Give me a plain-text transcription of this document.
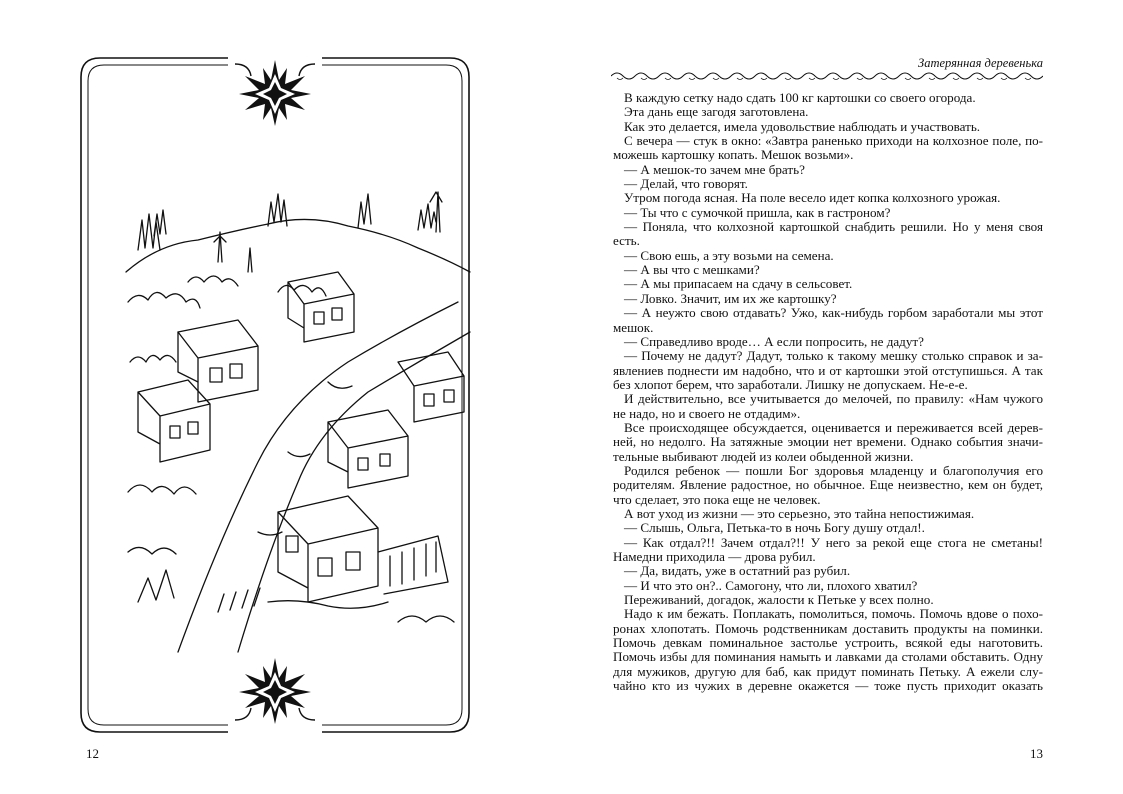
12
Затерянная деревенька

В каждую сетку надо сдать 100 кг картошки со своего огорода.

Эта дань еще загодя заготовлена.

Как это делается, имела удовольствие наблюдать и участвовать.

С вечера — стук в окно: «Завтра раненько приходи на колхозное поле, поможешь картошку копать. Мешок возьми».

— А мешок-то зачем мне брать?

— Делай, что говорят.

Утром погода ясная. На поле весело идет копка колхозного урожая.

— Ты что с сумочкой пришла, как в гастроном?

— Поняла, что колхозной картошкой снабдить решили. Но у меня своя есть.

— Свою ешь, а эту возьми на семена.

— А вы что с мешками?

— А мы припасаем на сдачу в сельсовет.

— Ловко. Значит, им их же картошку?

— А неужто свою отдавать? Ужо, как-нибудь горбом заработали мы этот мешок.

— Справедливо вроде… А если попросить, не дадут?

— Почему не дадут? Дадут, только к такому мешку столько справок и заявлениев поднести им надобно, что и от картошки этой отступишься. А так без хлопот берем, что заработали. Лишку не допускаем. Не-е-е.

И действительно, все учитывается до мелочей, по правилу: «Нам чужого не надо, но и своего не отдадим».

Все происходящее обсуждается, оценивается и переживается всей деревней, но недолго. На затяжные эмоции нет времени. Однако события значительные выбивают людей из колеи обыденной жизни.

Родился ребенок — пошли Бог здоровья младенцу и благополучия его родителям. Явление радостное, но обычное. Еще неизвестно, кем он будет, что сделает, это пока еще не человек.

А вот уход из жизни — это серьезно, это тайна непостижимая.

— Слышь, Ольга, Петька-то в ночь Богу душу отдал!.

— Как отдал?!! Зачем отдал?!! У него за рекой еще стога не сметаны! Намедни приходила — дрова рубил.

— Да, видать, уже в остатний раз рубил.

— И что это он?.. Самогону, что ли, плохого хватил?

Переживаний, догадок, жалости к Петьке у всех полно.

Надо к им бежать. Поплакать, помолиться, помочь. Помочь вдове о похоронах хлопотать. Помочь родственникам доставить продукты на поминки. Помочь девкам поминальное застолье устроить, всякой еды наготовить. Помочь избы для поминания намыть и лавками да столами обставить. Одну для мужиков, другую для баб, как придут поминать Петьку. А ежели случайно кто из чужих в деревне окажется — тоже пусть приходит оказать

13
